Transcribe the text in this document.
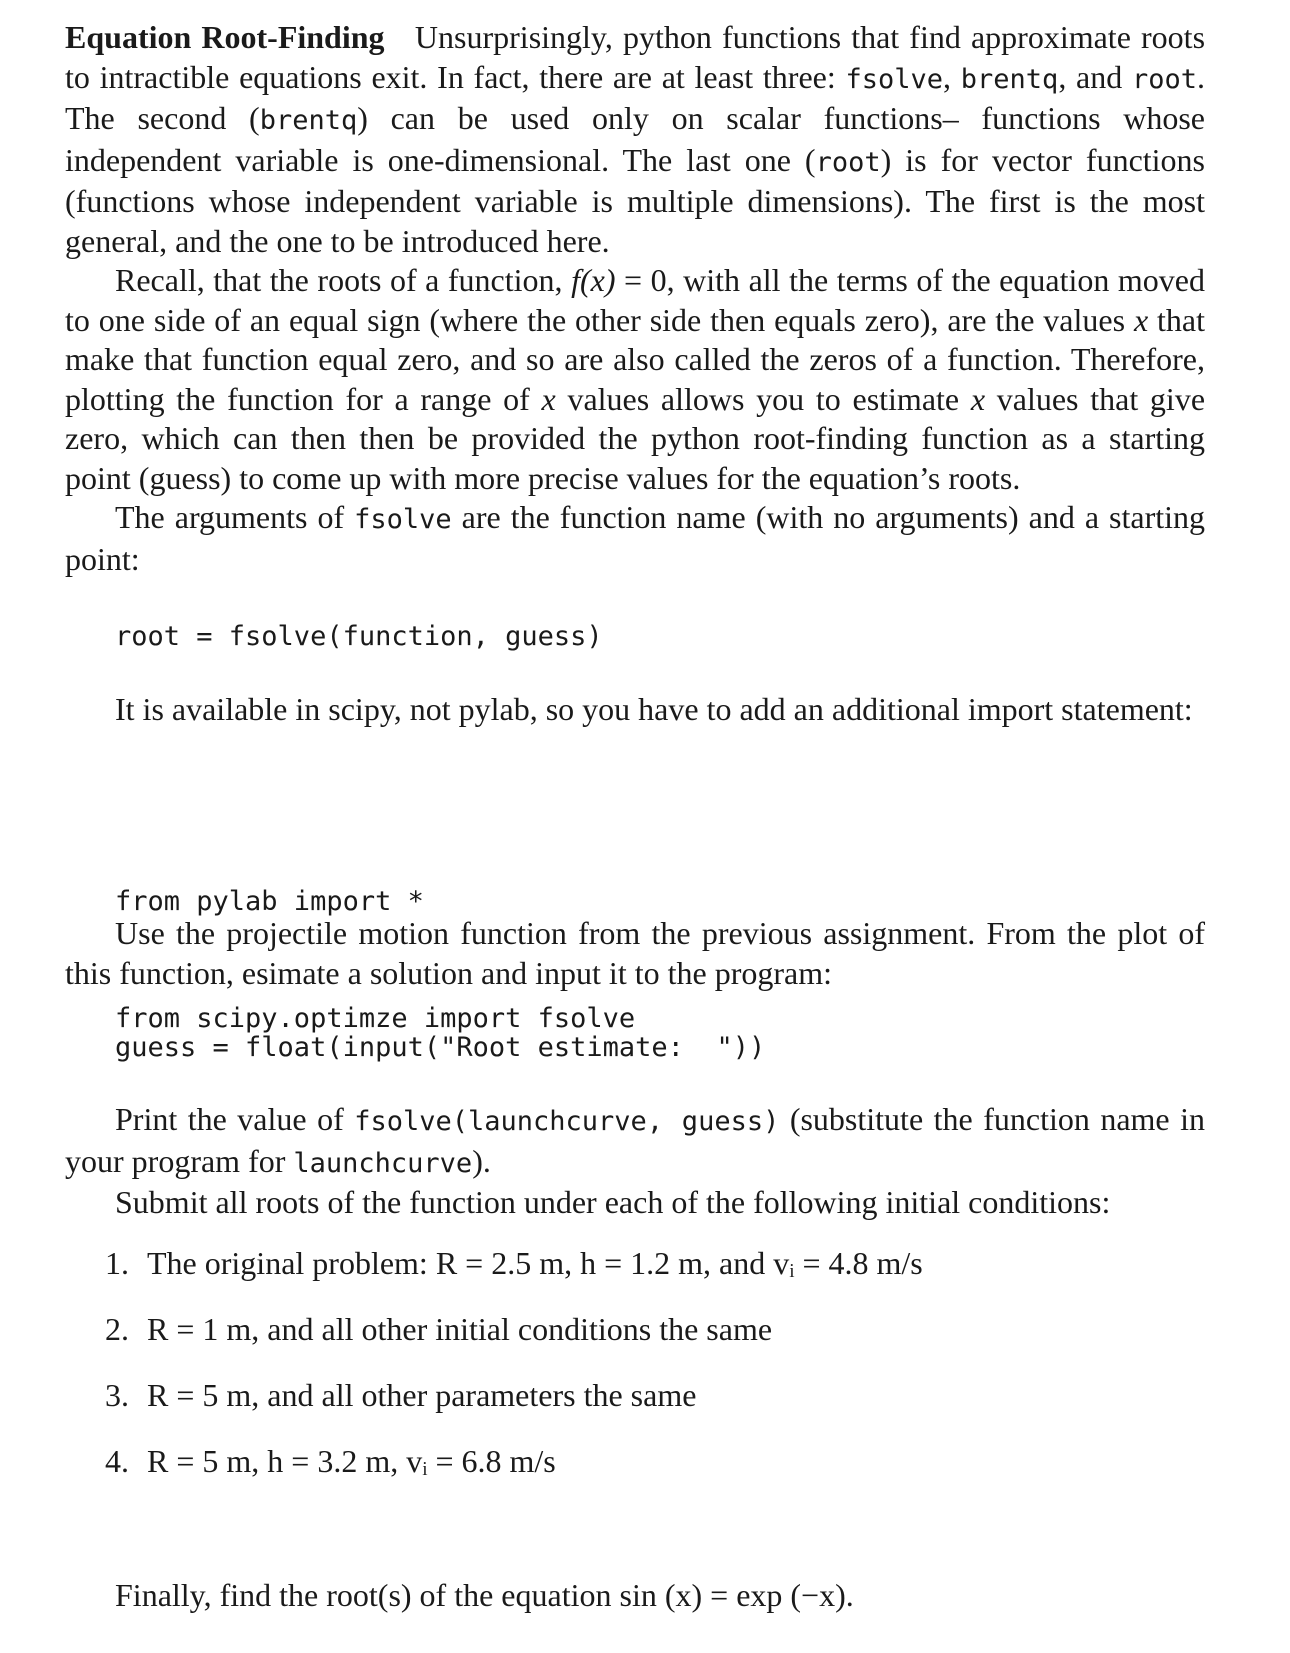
Equation Root-Finding Unsurprisingly, python functions that find approximate roots to intractible equations exit. In fact, there are at least three: fsolve, brentq, and root. The second (brentq) can be used only on scalar functions– functions whose independent variable is one-dimensional. The last one (root) is for vector functions (functions whose independent variable is multiple dimensions). The first is the most general, and the one to be introduced here.

Recall, that the roots of a function, f(x) = 0, with all the terms of the equation moved to one side of an equal sign (where the other side then equals zero), are the values x that make that function equal zero, and so are also called the zeros of a function. Therefore, plotting the function for a range of x values allows you to estimate x values that give zero, which can then then be provided the python root-finding function as a starting point (guess) to come up with more precise values for the equation’s roots.

The arguments of fsolve are the function name (with no arguments) and a starting point:

root = fsolve(function, guess)

It is available in scipy, not pylab, so you have to add an additional import statement:

from pylab import *

from scipy.optimze import fsolve

Use the projectile motion function from the previous assignment. From the plot of this function, esimate a solution and input it to the program:

guess = float(input("Root estimate:  "))

Print the value of fsolve(launchcurve, guess) (substitute the function name in your program for launchcurve).

Submit all roots of the function under each of the following initial conditions:

1. The original problem: R = 2.5 m, h = 1.2 m, and vᵢ = 4.8 m/s
2. R = 1 m, and all other initial conditions the same
3. R = 5 m, and all other parameters the same
4. R = 5 m, h = 3.2 m, vᵢ = 6.8 m/s
Finally, find the root(s) of the equation sin (x) = exp (−x).
